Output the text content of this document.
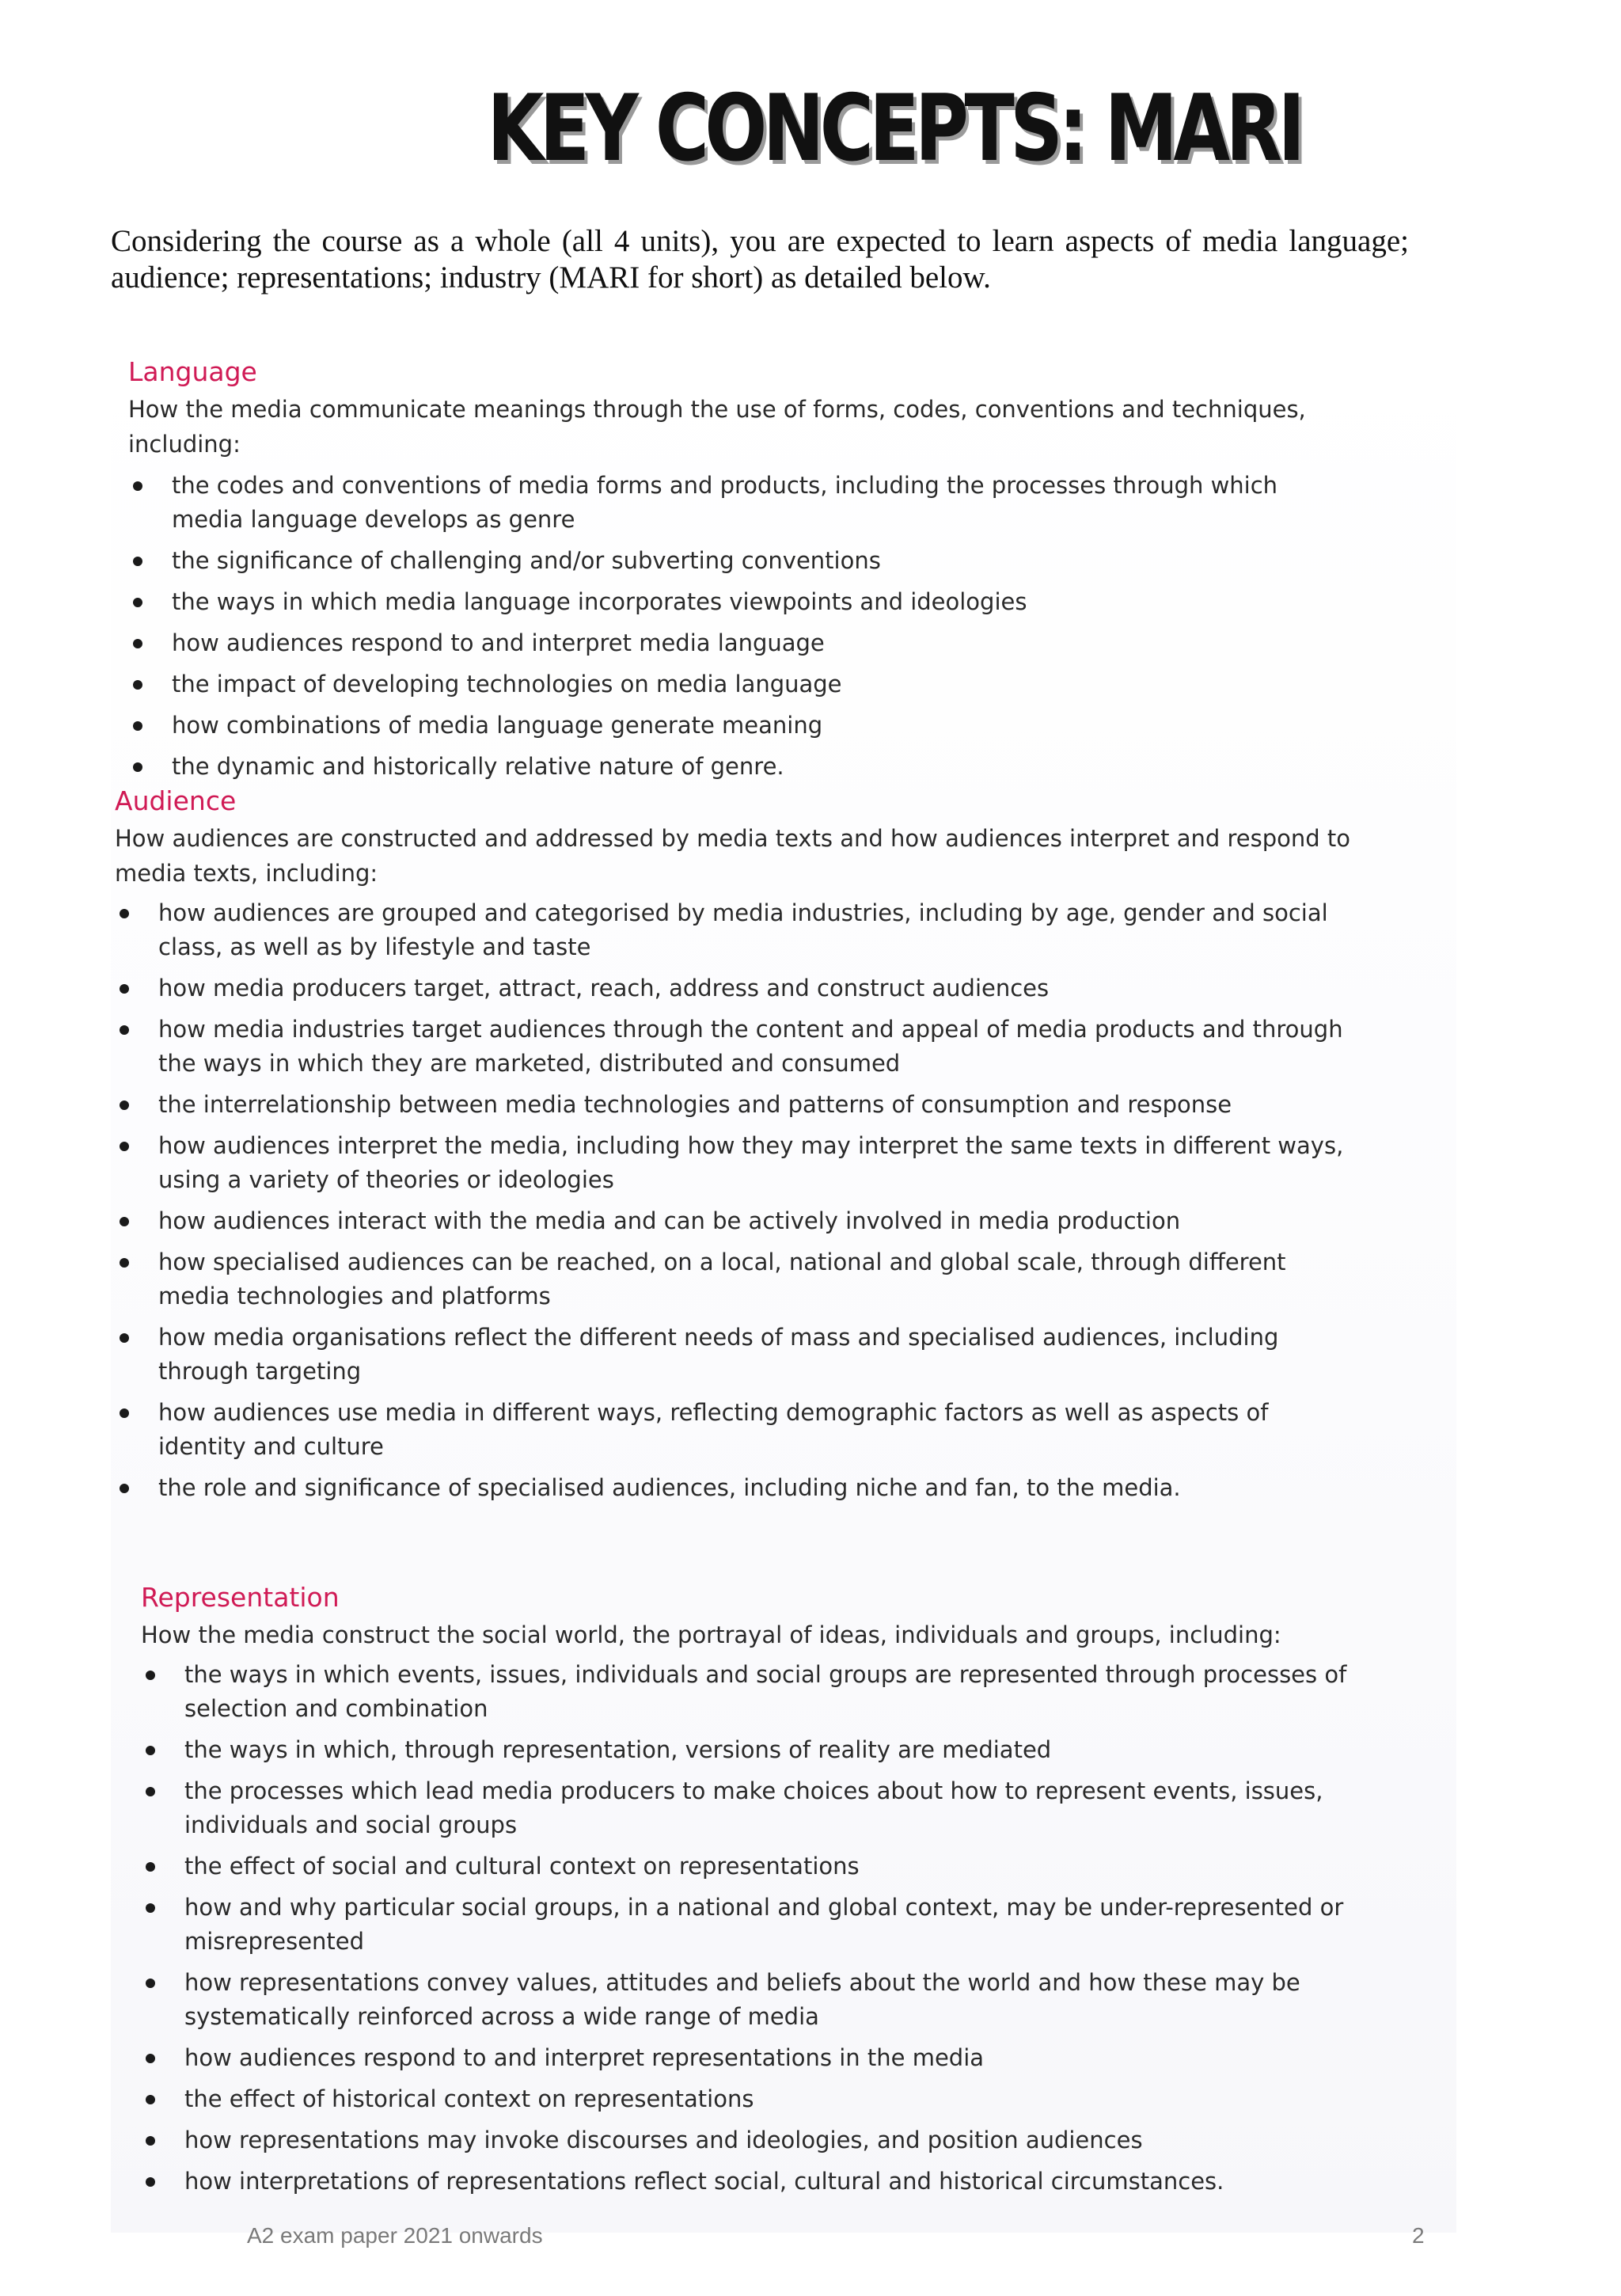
KEY CONCEPTS: MARI
Considering the course as a whole (all 4 units), you are expected to learn aspects of media language; audience; representations; industry (MARI for short) as detailed below.
Language
How the media communicate meanings through the use of forms, codes, conventions and techniques, including:
the codes and conventions of media forms and products, including the processes through which media language develops as genre
the significance of challenging and/or subverting conventions
the ways in which media language incorporates viewpoints and ideologies
how audiences respond to and interpret media language
the impact of developing technologies on media language
how combinations of media language generate meaning
the dynamic and historically relative nature of genre.
Audience
How audiences are constructed and addressed by media texts and how audiences interpret and respond to media texts, including:
how audiences are grouped and categorised by media industries, including by age, gender and social class, as well as by lifestyle and taste
how media producers target, attract, reach, address and construct audiences
how media industries target audiences through the content and appeal of media products and through the ways in which they are marketed, distributed and consumed
the interrelationship between media technologies and patterns of consumption and response
how audiences interpret the media, including how they may interpret the same texts in different ways, using a variety of theories or ideologies
how audiences interact with the media and can be actively involved in media production
how specialised audiences can be reached, on a local, national and global scale, through different media technologies and platforms
how media organisations reflect the different needs of mass and specialised audiences, including through targeting
how audiences use media in different ways, reflecting demographic factors as well as aspects of identity and culture
the role and significance of specialised audiences, including niche and fan, to the media.
Representation
How the media construct the social world, the portrayal of ideas, individuals and groups, including:
the ways in which events, issues, individuals and social groups are represented through processes of selection and combination
the ways in which, through representation, versions of reality are mediated
the processes which lead media producers to make choices about how to represent events, issues, individuals and social groups
the effect of social and cultural context on representations
how and why particular social groups, in a national and global context, may be under-represented or misrepresented
how representations convey values, attitudes and beliefs about the world and how these may be systematically reinforced across a wide range of media
how audiences respond to and interpret representations in the media
the effect of historical context on representations
how representations may invoke discourses and ideologies, and position audiences
how interpretations of representations reflect social, cultural and historical circumstances.
A2 exam paper 2021 onwards	2
